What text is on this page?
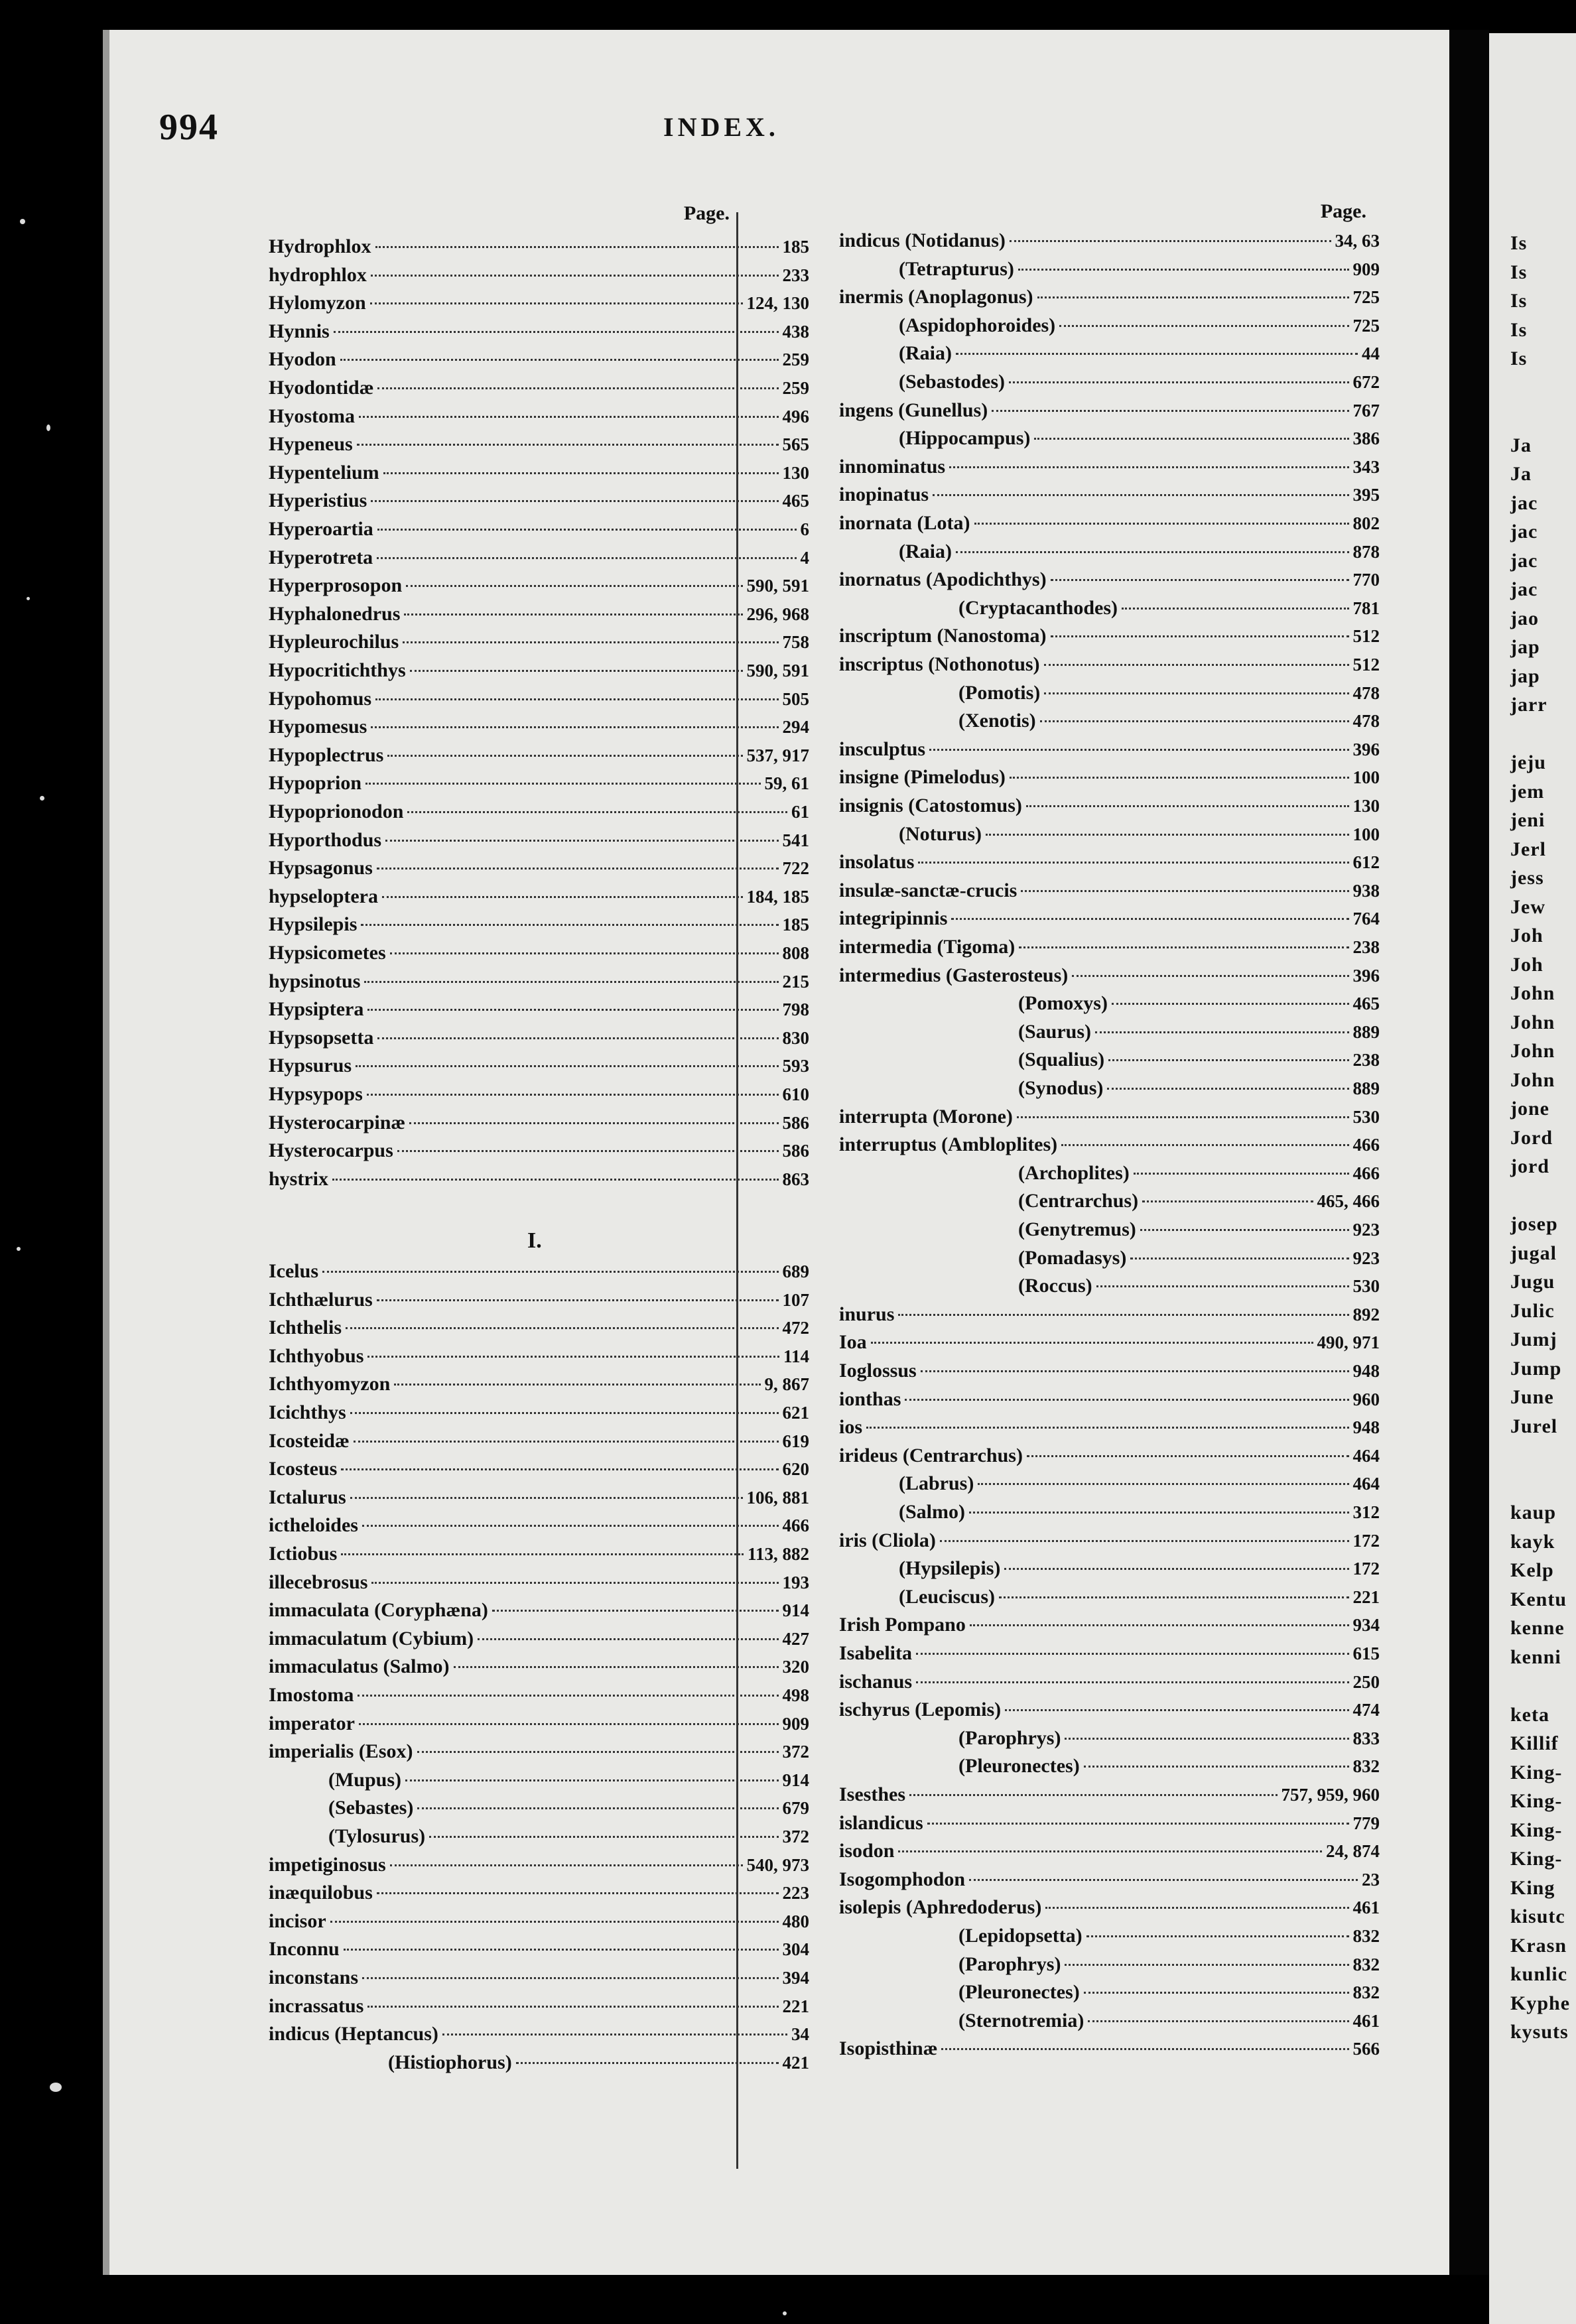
Is
Is
Is
Is
Is
Ja
Ja
jac
jac
jac
jac
jao
jap
jap
jarr
jeju
jem
jeni
Jerl
jess
Jew
Joh
Joh
John
John
John
John
jone
Jord
jord
josep
jugal
Jugu
Julic
Jumj
Jump
June
Jurel
kaup
kayk
Kelp
Kentu
kenne
kenni
keta
Killif
King-
King-
King-
King-
King
kisutc
Krasn
kunlic
Kyphe
kysuts
994	INDEX.
Page.	Page.
Hydrophlox	185
hydrophlox	233
Hylomyzon	124, 130
Hynnis	438
Hyodon	259
Hyodontidæ	259
Hyostoma	496
Hypeneus	565
Hypentelium	130
Hyperistius	465
Hyperoartia	6
Hyperotreta	4
Hyperprosopon	590, 591
Hyphalonedrus	296, 968
Hypleurochilus	758
Hypocritichthys	590, 591
Hypohomus	505
Hypomesus	294
Hypoplectrus	537, 917
Hypoprion	59, 61
Hypoprionodon	61
Hyporthodus	541
Hypsagonus	722
hypseloptera	184, 185
Hypsilepis	185
Hypsicometes	808
hypsinotus	215
Hypsiptera	798
Hypsopsetta	830
Hypsurus	593
Hypsypops	610
Hysterocarpinæ	586
Hysterocarpus	586
hystrix	863
I.
Icelus	689
Ichthælurus	107
Ichthelis	472
Ichthyobus	114
Ichthyomyzon	9, 867
Icichthys	621
Icosteidæ	619
Icosteus	620
Ictalurus	106, 881
ictheloides	466
Ictiobus	113, 882
illecebrosus	193
immaculata (Coryphæna)	914
immaculatum (Cybium)	427
immaculatus (Salmo)	320
Imostoma	498
imperator	909
imperialis (Esox)	372
(Mupus)	914
(Sebastes)	679
(Tylosurus)	372
impetiginosus	540, 973
inæquilobus	223
incisor	480
Inconnu	304
inconstans	394
incrassatus	221
indicus (Heptancus)	34
(Histiophorus)	421
indicus (Notidanus)	34, 63
(Tetrapturus)	909
inermis (Anoplagonus)	725
(Aspidophoroides)	725
(Raia)	44
(Sebastodes)	672
ingens (Gunellus)	767
(Hippocampus)	386
innominatus	343
inopinatus	395
inornata (Lota)	802
(Raia)	878
inornatus (Apodichthys)	770
(Cryptacanthodes)	781
inscriptum (Nanostoma)	512
inscriptus (Nothonotus)	512
(Pomotis)	478
(Xenotis)	478
insculptus	396
insigne (Pimelodus)	100
insignis (Catostomus)	130
(Noturus)	100
insolatus	612
insulæ-sanctæ-crucis	938
integripinnis	764
intermedia (Tigoma)	238
intermedius (Gasterosteus)	396
(Pomoxys)	465
(Saurus)	889
(Squalius)	238
(Synodus)	889
interrupta (Morone)	530
interruptus (Ambloplites)	466
(Archoplites)	466
(Centrarchus)	465, 466
(Genytremus)	923
(Pomadasys)	923
(Roccus)	530
inurus	892
Ioa	490, 971
Ioglossus	948
ionthas	960
ios	948
irideus (Centrarchus)	464
(Labrus)	464
(Salmo)	312
iris (Cliola)	172
(Hypsilepis)	172
(Leuciscus)	221
Irish Pompano	934
Isabelita	615
ischanus	250
ischyrus (Lepomis)	474
(Parophrys)	833
(Pleuronectes)	832
Isesthes	757, 959, 960
islandicus	779
isodon	24, 874
Isogomphodon	23
isolepis (Aphredoderus)	461
(Lepidopsetta)	832
(Parophrys)	832
(Pleuronectes)	832
(Sternotremia)	461
Isopisthinæ	566
